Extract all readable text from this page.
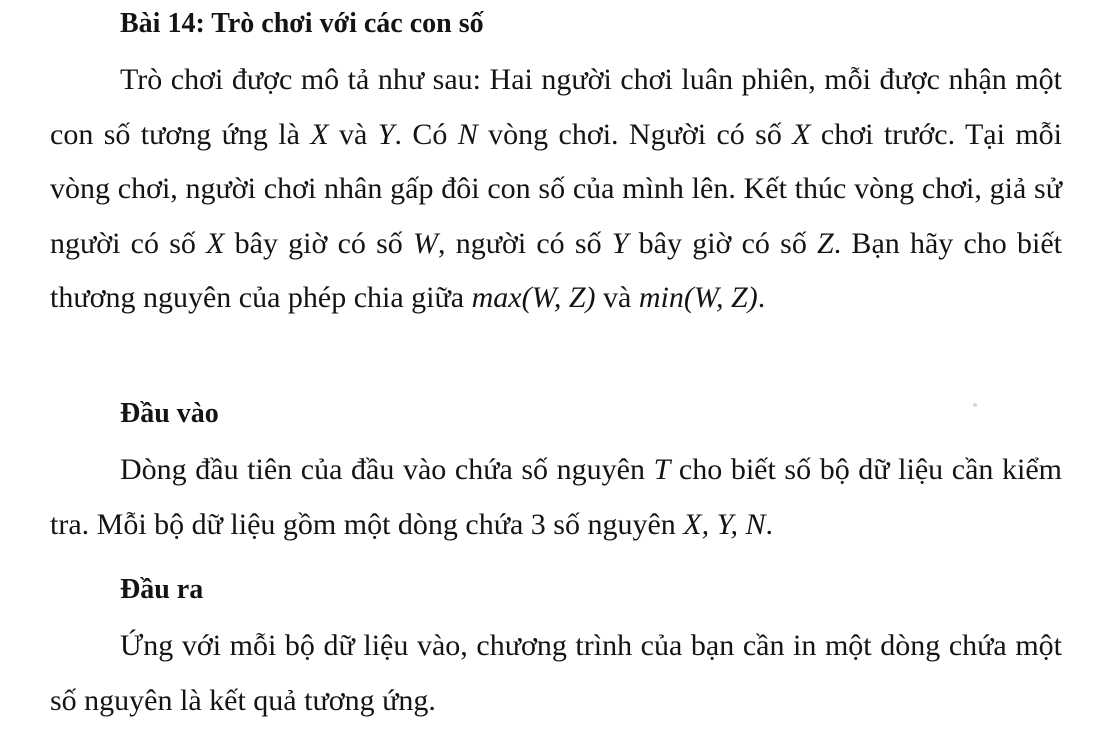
Bài 14: Trò chơi với các con số
Trò chơi được mô tả như sau: Hai người chơi luân phiên, mỗi được nhận một con số tương ứng là X và Y. Có N vòng chơi. Người có số X chơi trước. Tại mỗi vòng chơi, người chơi nhân gấp đôi con số của mình lên. Kết thúc vòng chơi, giả sử người có số X bây giờ có số W, người có số Y bây giờ có số Z. Bạn hãy cho biết thương nguyên của phép chia giữa max(W, Z) và min(W, Z).
Đầu vào
Dòng đầu tiên của đầu vào chứa số nguyên T cho biết số bộ dữ liệu cần kiểm tra. Mỗi bộ dữ liệu gồm một dòng chứa 3 số nguyên X, Y, N.
Đầu ra
Ứng với mỗi bộ dữ liệu vào, chương trình của bạn cần in một dòng chứa một số nguyên là kết quả tương ứng.
